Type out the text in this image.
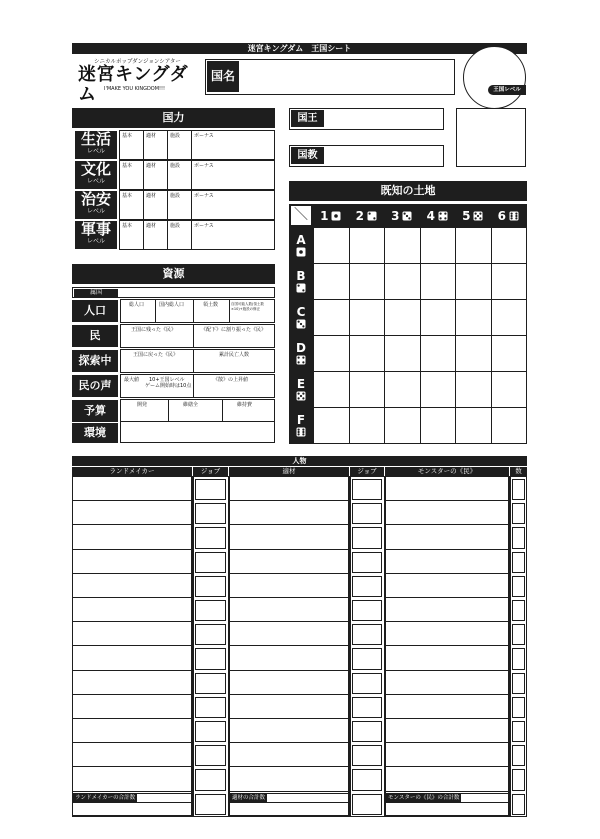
迷宮キングダム　王国シート
シニカルポップダンジョンシアター
迷宮キングダム	I'MAKE YOU KINGDOM!!!
国名
王国レベル
国王
国教
国力
生活
レベル
基本	適材	施設	ボーナス
文化
レベル
基本	適材	施設	ボーナス
治安
レベル
基本	適材	施設	ボーナス
軍事
レベル
基本	適材	施設	ボーナス
資源
属国
人口	総人口	国内総人口	領土数	自国可能人数(領土数×10)+施設の修正
民	王国に残った《民》	《配下》に割り振った《民》
探索中	王国に戻った《民》	累計民亡人数
民の声	最大値 10+王国レベル
ゲーム開始時は10点
《散》の上昇値
予算	開発	維繕全	維持費
環境
既知の土地
＼ 1 2 3 4 5 6
A
B
C
D
E
F
人物
ランドメイカー	ジョブ	適材	ジョブ	モンスターの《民》	数
ランドメイカーの合計数	適材の合計数	モンスターの《民》の合計数
